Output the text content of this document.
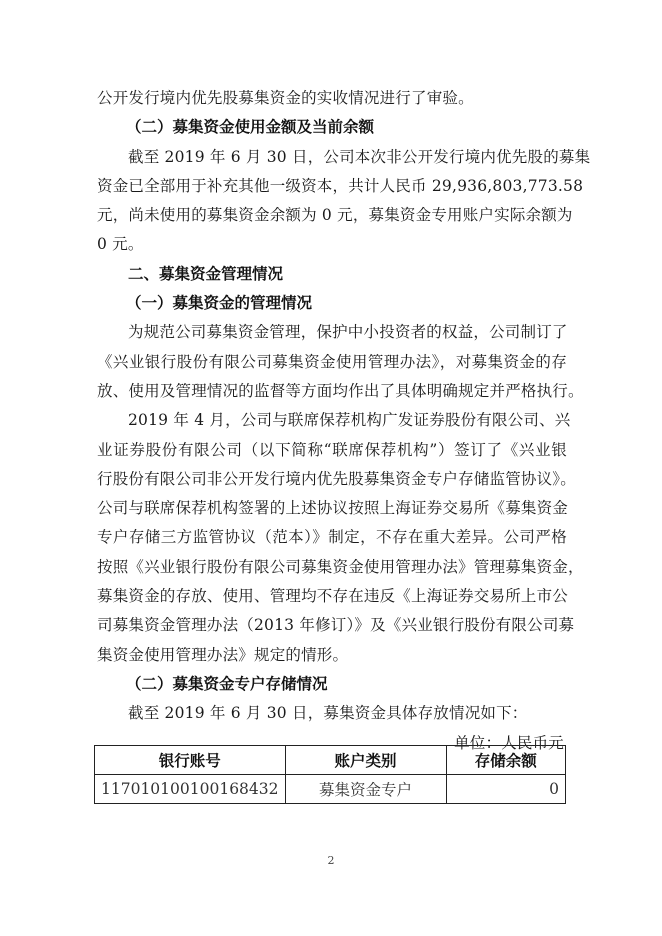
公开发行境内优先股募集资金的实收情况进行了审验。
（二）募集资金使用金额及当前余额
截至 2019 年 6 月 30 日，公司本次非公开发行境内优先股的募集
资金已全部用于补充其他一级资本，共计人民币 29,936,803,773.58
元，尚未使用的募集资金余额为 0 元，募集资金专用账户实际余额为
0 元。
二、募集资金管理情况
（一）募集资金的管理情况
为规范公司募集资金管理，保护中小投资者的权益，公司制订了
《兴业银行股份有限公司募集资金使用管理办法》，对募集资金的存
放、使用及管理情况的监督等方面均作出了具体明确规定并严格执行。
2019 年 4 月，公司与联席保荐机构广发证券股份有限公司、兴
业证券股份有限公司（以下简称“联席保荐机构”）签订了《兴业银
行股份有限公司非公开发行境内优先股募集资金专户存储监管协议》。
公司与联席保荐机构签署的上述协议按照上海证券交易所《募集资金
专户存储三方监管协议（范本）》制定，不存在重大差异。公司严格
按照《兴业银行股份有限公司募集资金使用管理办法》管理募集资金，
募集资金的存放、使用、管理均不存在违反《上海证券交易所上市公
司募集资金管理办法（2013 年修订）》及《兴业银行股份有限公司募
集资金使用管理办法》规定的情形。
（二）募集资金专户存储情况
截至 2019 年 6 月 30 日，募集资金具体存放情况如下：
单位：人民币元
银行账号	账户类别	存储余额
117010100100168432	募集资金专户	0
2
